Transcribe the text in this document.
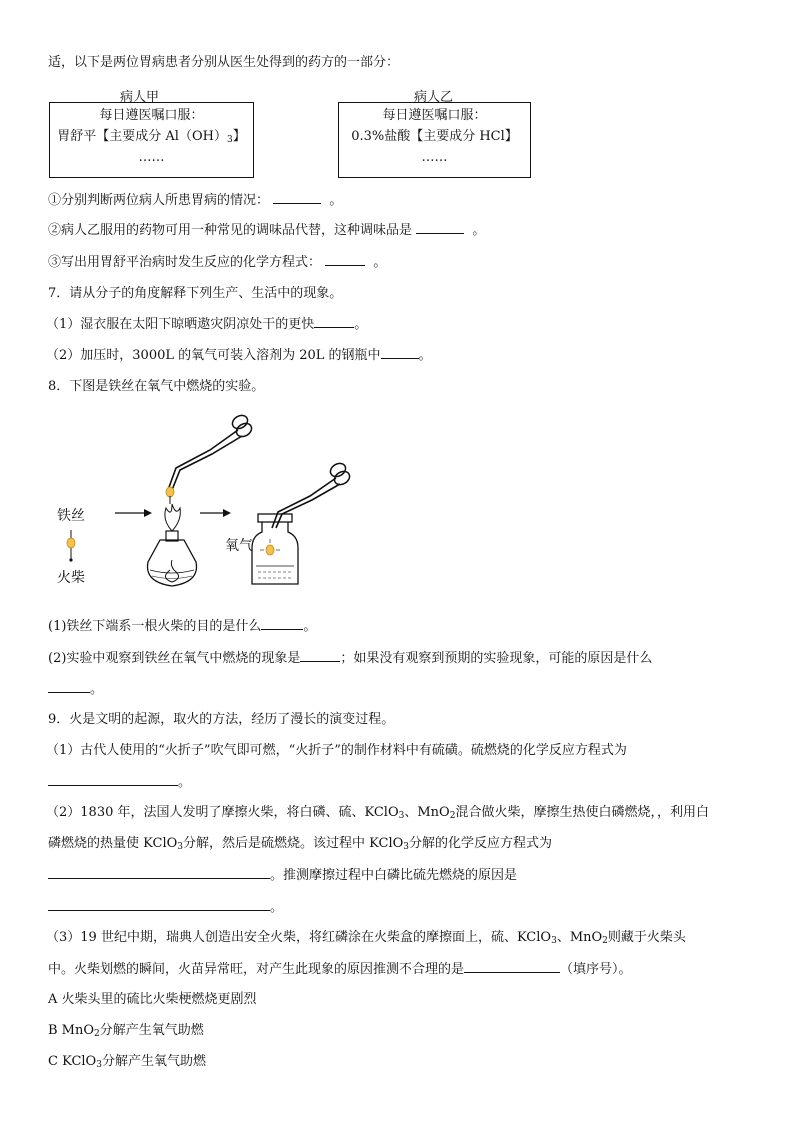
适，以下是两位胃病患者分别从医生处得到的药方的一部分：
病人甲
每日遵医嘱口服：
胃舒平【主要成分 $Al(OH)_3$】
……
病人乙
每日遵医嘱口服：
0.3%盐酸【主要成分 HCl】
……
①分别判断两位病人所患胃病的情况：	。
②病人乙服用的药物可用一种常见的调味品代替，这种调味品是	。
③写出用胃舒平治病时发生反应的化学方程式：	。
7．请从分子的角度解释下列生产、生活中的现象。
（1）湿衣服在太阳下晾晒遨灾阴凉处干的更快	。
（2）加压时，3000L 的氧气可装入溶剂为 20L 的钢瓶中	。
8．下图是铁丝在氧气中燃烧的实验。
铁丝
火柴
氧气
(1)铁丝下端系一根火柴的目的是什么	。
(2)实验中观察到铁丝在氧气中燃烧的现象是	；如果没有观察到预期的实验现象，可能的原因是什么
。
9．火是文明的起源，取火的方法，经历了漫长的演变过程。
（1）古代人使用的“火折子”吹气即可燃，“火折子”的制作材料中有硫磺。硫燃烧的化学反应方程式为
。
（2）1830 年，法国人发明了摩擦火柴，将白磷、硫、KClO$_3$、MnO$_2$混合做火柴，摩擦生热使白磷燃烧，，利用白
磷燃烧的热量使 KClO$_3$分解，然后是硫燃烧。该过程中 KClO$_3$分解的化学反应方程式为
。推测摩擦过程中白磷比硫先燃烧的原因是
。
（3）19 世纪中期，瑞典人创造出安全火柴，将红磷涂在火柴盒的摩擦面上，硫、KClO$_3$、MnO$_2$则藏于火柴头
中。火柴划燃的瞬间，火苗异常旺，对产生此现象的原因推测不合理的是	（填序号）。
A 火柴头里的硫比火柴梗燃烧更剧烈
B MnO$_2$分解产生氧气助燃
C KClO$_3$分解产生氧气助燃
